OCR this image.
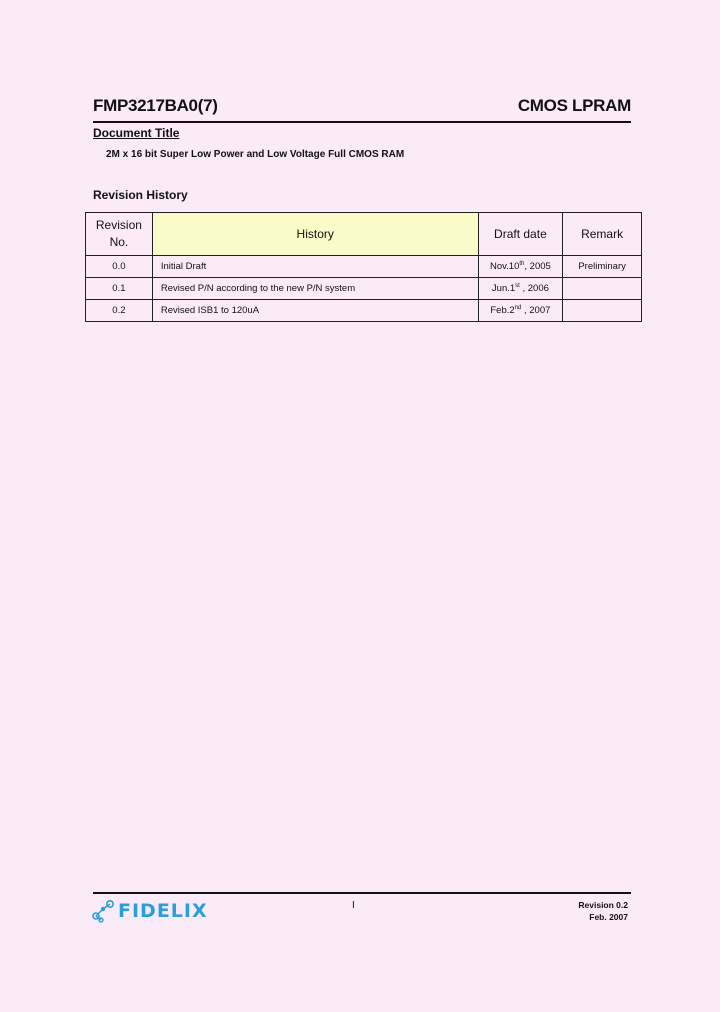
FMP3217BA0(7)	CMOS LPRAM
Document Title
2M x 16 bit Super Low Power and Low Voltage Full CMOS RAM
Revision History
Revision
No.	History	Draft date	Remark
0.0	Initial Draft	Nov.10th, 2005	Preliminary
0.1	Revised P/N according to the new P/N system	Jun.1st , 2006	
0.2	Revised ISB1 to 120uA	Feb.2nd , 2007	
FIDELIX	I	Revision 0.2
Feb. 2007
